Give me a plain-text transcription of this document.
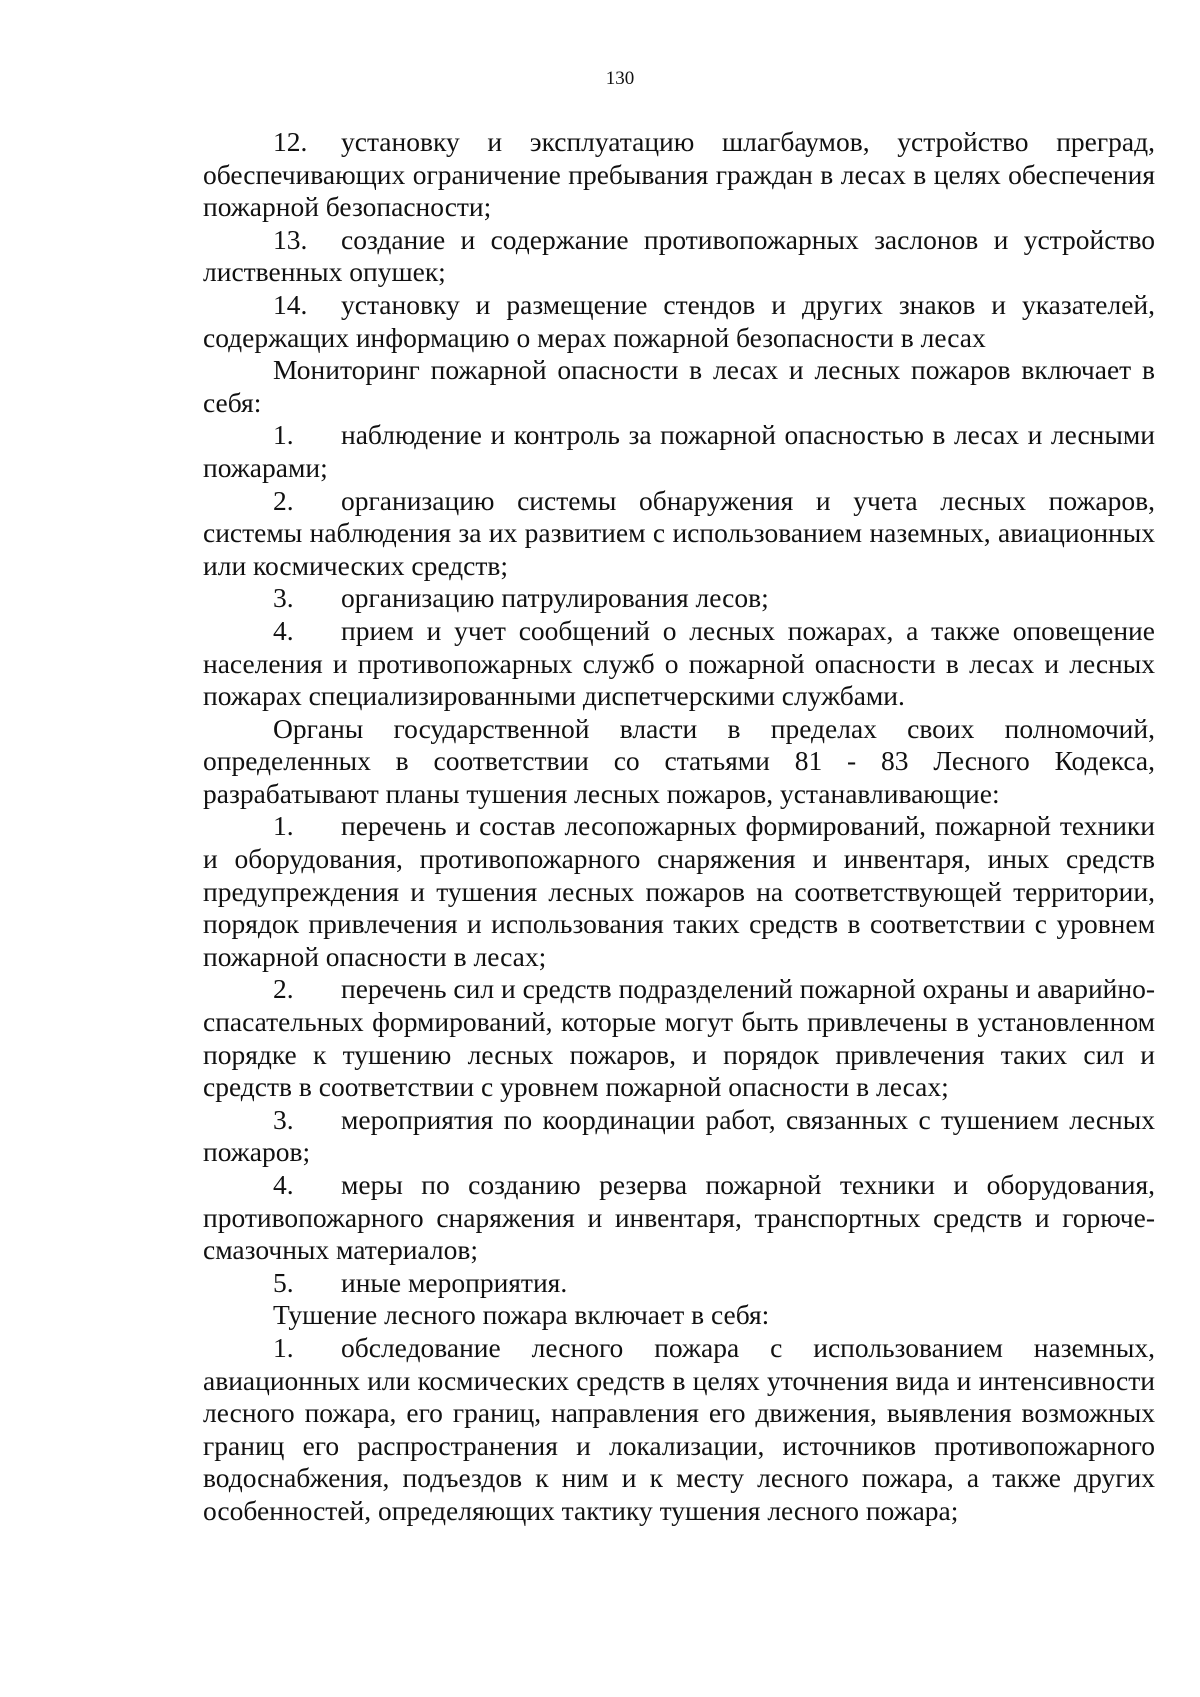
130

12. установку и эксплуатацию шлагбаумов, устройство преград, обеспечивающих ограничение пребывания граждан в лесах в целях обеспечения пожарной безопасности;

13. создание и содержание противопожарных заслонов и устройство лиственных опушек;

14. установку и размещение стендов и других знаков и указателей, содержащих информацию о мерах пожарной безопасности в лесах

Мониторинг пожарной опасности в лесах и лесных пожаров включает в себя:

1. наблюдение и контроль за пожарной опасностью в лесах и лесными пожарами;

2. организацию системы обнаружения и учета лесных пожаров, системы наблюдения за их развитием с использованием наземных, авиационных или космических средств;

3. организацию патрулирования лесов;

4. прием и учет сообщений о лесных пожарах, а также оповещение населения и противопожарных служб о пожарной опасности в лесах и лесных пожарах специализированными диспетчерскими службами.

Органы государственной власти в пределах своих полномочий, определенных в соответствии со статьями 81 - 83 Лесного Кодекса, разрабатывают планы тушения лесных пожаров, устанавливающие:

1. перечень и состав лесопожарных формирований, пожарной техники и оборудования, противопожарного снаряжения и инвентаря, иных средств предупреждения и тушения лесных пожаров на соответствующей территории, порядок привлечения и использования таких средств в соответствии с уровнем пожарной опасности в лесах;

2. перечень сил и средств подразделений пожарной охраны и аварийно-спасательных формирований, которые могут быть привлечены в установленном порядке к тушению лесных пожаров, и порядок привлечения таких сил и средств в соответствии с уровнем пожарной опасности в лесах;

3. мероприятия по координации работ, связанных с тушением лесных пожаров;

4. меры по созданию резерва пожарной техники и оборудования, противопожарного снаряжения и инвентаря, транспортных средств и горюче-смазочных материалов;

5. иные мероприятия.

Тушение лесного пожара включает в себя:

1. обследование лесного пожара с использованием наземных, авиационных или космических средств в целях уточнения вида и интенсивности лесного пожара, его границ, направления его движения, выявления возможных границ его распространения и локализации, источников противопожарного водоснабжения, подъездов к ним и к месту лесного пожара, а также других особенностей, определяющих тактику тушения лесного пожара;
